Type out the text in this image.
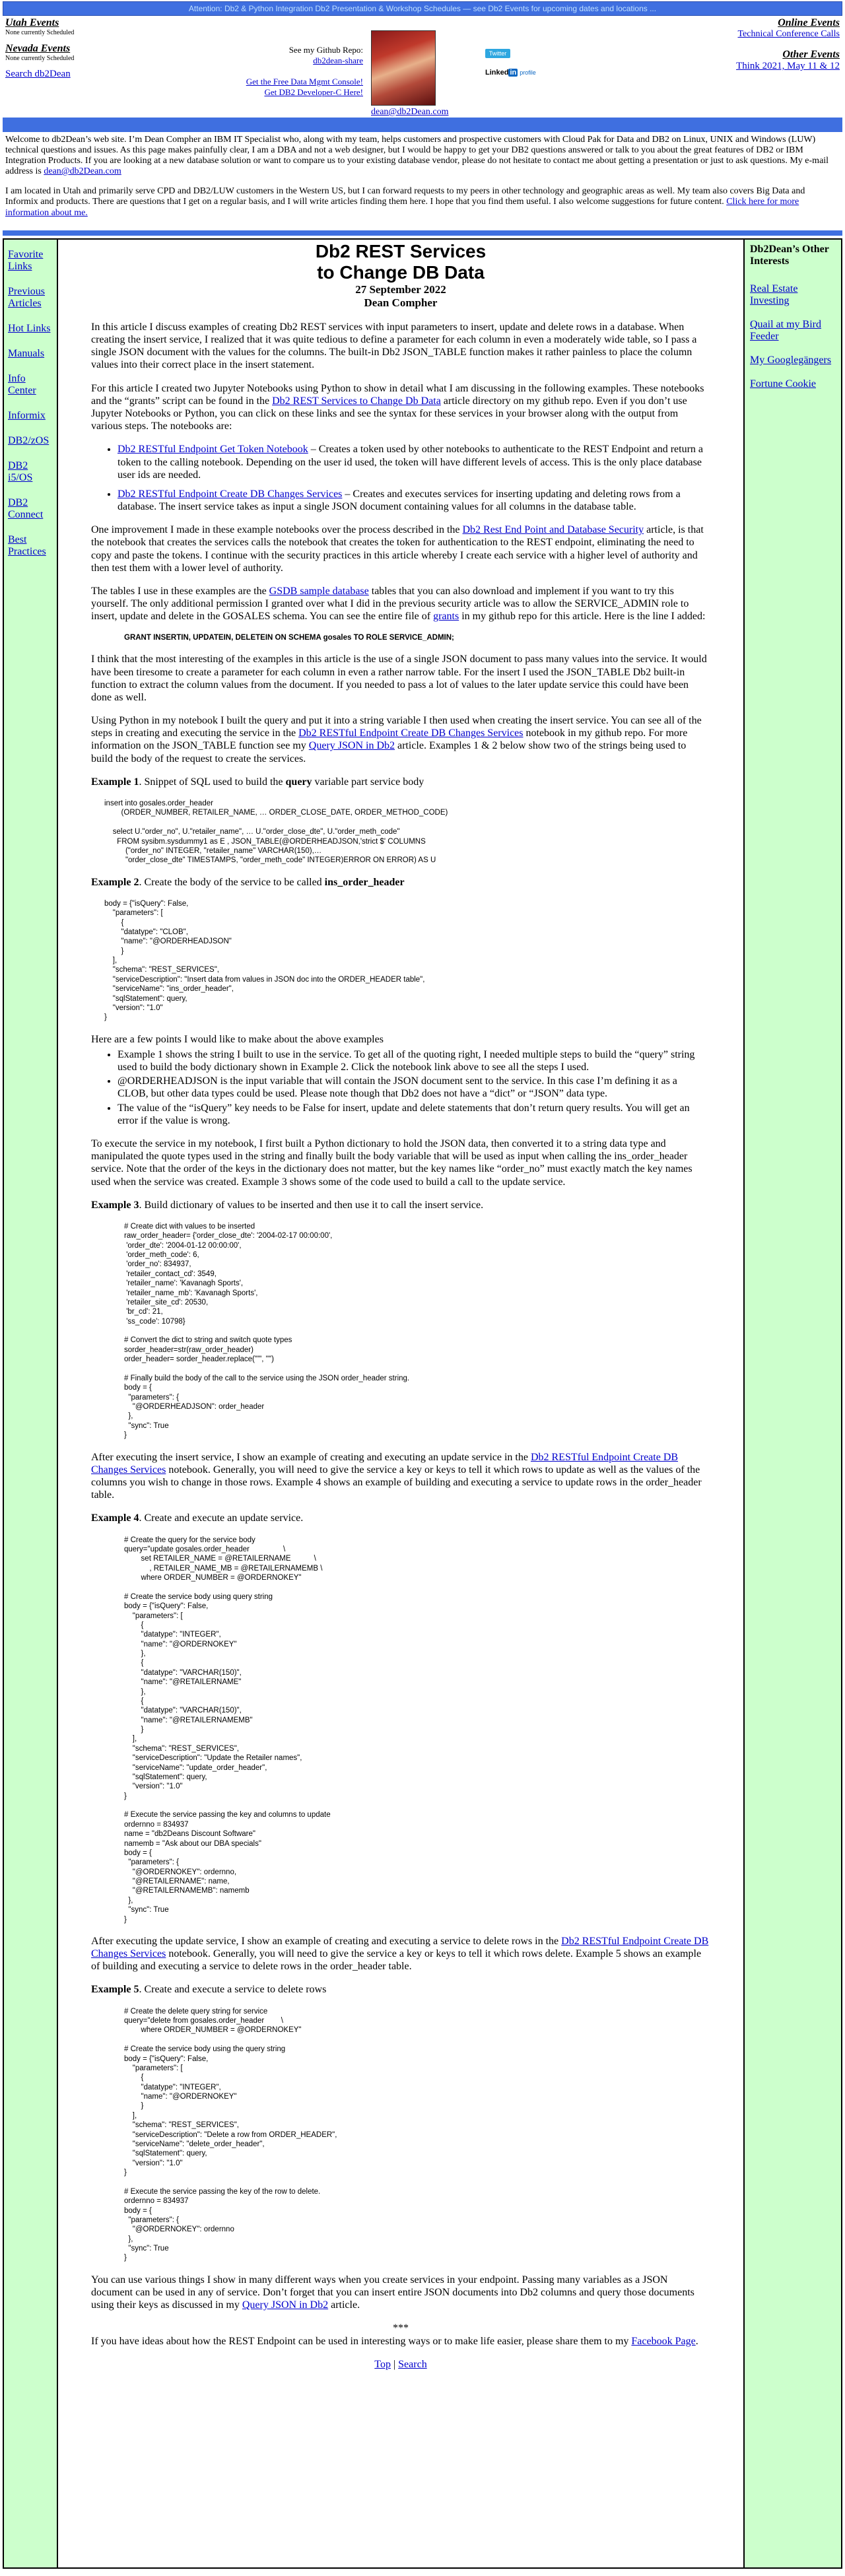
Attention: Db2 & Python Integration Db2 Presentation & Workshop Schedules — see Db2 Events for upcoming dates and locations ...
Utah Events
None currently Scheduled
Nevada Events
None currently Scheduled
Search db2Dean
See my Github Repo:
db2dean-share

Get the Free Data Mgmt Console!
Get DB2 Developer-C Here!
dean@db2Dean.com
Twitter
Linked in profile
Online Events
Technical Conference Calls
Other Events
Think 2021, May 11 & 12

Welcome to db2Dean’s web site. I’m Dean Compher an IBM IT Specialist who, along with my team, helps customers and prospective customers with Cloud Pak for Data and DB2 on Linux, UNIX and Windows (LUW) technical questions and issues. As this page makes painfully clear, I am a DBA and not a web designer, but I would be happy to get your DB2 questions answered or talk to you about the great features of DB2 or IBM Integration Products. If you are looking at a new database solution or want to compare us to your existing database vendor, please do not hesitate to contact me about getting a presentation or just to ask questions. My e-mail address is dean@db2Dean.com

I am located in Utah and primarily serve CPD and DB2/LUW customers in the Western US, but I can forward requests to my peers in other technology and geographic areas as well. My team also covers Big Data and Informix and products. There are questions that I get on a regular basis, and I will write articles finding them here. I hope that you find them useful. I also welcome suggestions for future content. Click here for more information about me.

Favorite Links
Previous Articles
Hot Links
Manuals
Info Center
Informix
DB2/zOS
DB2 i5/OS
DB2 Connect
Best Practices
Db2 REST Services
to Change DB Data
27 September 2022
Dean Compher

In this article I discuss examples of creating Db2 REST services with input parameters to insert, update and delete rows in a database. When creating the insert service, I realized that it was quite tedious to define a parameter for each column in even a moderately wide table, so I pass a single JSON document with the values for the columns. The built-in Db2 JSON_TABLE function makes it rather painless to place the column values into their correct place in the insert statement.

For this article I created two Jupyter Notebooks using Python to show in detail what I am discussing in the following examples. These notebooks and the “grants” script can be found in the Db2 REST Services to Change Db Data article directory on my github repo. Even if you don’t use Jupyter Notebooks or Python, you can click on these links and see the syntax for these services in your browser along with the output from various steps. The notebooks are:

• Db2 RESTful Endpoint Get Token Notebook – Creates a token used by other notebooks to authenticate to the REST Endpoint and return a token to the calling notebook. Depending on the user id used, the token will have different levels of access. This is the only place database user ids are needed.
• Db2 RESTful Endpoint Create DB Changes Services – Creates and executes services for inserting updating and deleting rows from a database. The insert service takes as input a single JSON document containing values for all columns in the database table.

One improvement I made in these example notebooks over the process described in the Db2 Rest End Point and Database Security article, is that the notebook that creates the services calls the notebook that creates the token for authentication to the REST endpoint, eliminating the need to copy and paste the tokens. I continue with the security practices in this article whereby I create each service with a higher level of authority and then test them with a lower level of authority.

The tables I use in these examples are the GSDB sample database tables that you can also download and implement if you want to try this yourself. The only additional permission I granted over what I did in the previous security article was to allow the SERVICE_ADMIN role to insert, update and delete in the GOSALES schema. You can see the entire file of grants in my github repo for this article. Here is the line I added:

GRANT INSERTIN, UPDATEIN, DELETEIN ON SCHEMA gosales TO ROLE SERVICE_ADMIN;

I think that the most interesting of the examples in this article is the use of a single JSON document to pass many values into the service. It would have been tiresome to create a parameter for each column in even a rather narrow table. For the insert I used the JSON_TABLE Db2 built-in function to extract the column values from the document. If you needed to pass a lot of values to the later update service this could have been done as well.

Using Python in my notebook I built the query and put it into a string variable I then used when creating the insert service. You can see all of the steps in creating and executing the service in the Db2 RESTful Endpoint Create DB Changes Services notebook in my github repo. For more information on the JSON_TABLE function see my Query JSON in Db2 article. Examples 1 & 2 below show two of the strings being used to build the body of the request to create the services.

Example 1. Snippet of SQL used to build the query variable part service body

insert into gosales.order_header
(ORDER_NUMBER, RETAILER_NAME, … ORDER_CLOSE_DATE, ORDER_METHOD_CODE)

select U."order_no", U."retailer_name", … U."order_close_dte", U."order_meth_code"
FROM sysibm.sysdummy1 as E , JSON_TABLE(@ORDERHEADJSON,'strict $' COLUMNS
("order_no" INTEGER, "retailer_name" VARCHAR(150),…
"order_close_dte" TIMESTAMPS, "order_meth_code" INTEGER)ERROR ON ERROR) AS U

Example 2. Create the body of the service to be called ins_order_header

body = {"isQuery": False,
"parameters": [
{
"datatype": "CLOB",
"name": "@ORDERHEADJSON"
}
],
"schema": "REST_SERVICES",
"serviceDescription": "Insert data from values in JSON doc into the ORDER_HEADER table",
"serviceName": "ins_order_header",
"sqlStatement": query,
"version": "1.0"
}

Here are a few points I would like to make about the above examples

• Example 1 shows the string I built to use in the service. To get all of the quoting right, I needed multiple steps to build the “query” string used to build the body dictionary shown in Example 2. Click the notebook link above to see all the steps I used.
• @ORDERHEADJSON is the input variable that will contain the JSON document sent to the service. In this case I’m defining it as a CLOB, but other data types could be used. Please note though that Db2 does not have a “dict” or “JSON” data type.
• The value of the “isQuery” key needs to be False for insert, update and delete statements that don’t return query results. You will get an error if the value is wrong.

To execute the service in my notebook, I first built a Python dictionary to hold the JSON data, then converted it to a string data type and manipulated the quote types used in the string and finally built the body variable that will be used as input when calling the ins_order_header service. Note that the order of the keys in the dictionary does not matter, but the key names like “order_no” must exactly match the key names used when the service was created. Example 3 shows some of the code used to build a call to the update service.

Example 3. Build dictionary of values to be inserted and then use it to call the insert service.

# Create dict with values to be inserted
raw_order_header= {'order_close_dte': '2004-02-17 00:00:00',
'order_dte': '2004-01-12 00:00:00',
'order_meth_code': 6,
'order_no': 834937,
'retailer_contact_cd': 3549,
'retailer_name': 'Kavanagh Sports',
'retailer_name_mb': 'Kavanagh Sports',
'retailer_site_cd': 20530,
'br_cd': 21,
'ss_code': 10798}

# Convert the dict to string and switch quote types
sorder_header=str(raw_order_header)
order_header= sorder_header.replace("'", '"')

# Finally build the body of the call to the service using the JSON order_header string.
body = {
"parameters": {
"@ORDERHEADJSON": order_header
},
"sync": True
}

After executing the insert service, I show an example of creating and executing an update service in the Db2 RESTful Endpoint Create DB Changes Services notebook. Generally, you will need to give the service a key or keys to tell it which rows to update as well as the values of the columns you wish to change in those rows. Example 4 shows an example of building and executing a service to update rows in the order_header table.

Example 4. Create and execute an update service.

# Create the query for the service body
query="update gosales.order_header                \
set RETAILER_NAME = @RETAILERNAME           \
, RETAILER_NAME_MB = @RETAILERNAMEMB \
where ORDER_NUMBER = @ORDERNOKEY"

# Create the service body using query string
body = {"isQuery": False,
"parameters": [
{
"datatype": "INTEGER",
"name": "@ORDERNOKEY"
},
{
"datatype": "VARCHAR(150)",
"name": "@RETAILERNAME"
},
{
"datatype": "VARCHAR(150)",
"name": "@RETAILERNAMEMB"
}
],
"schema": "REST_SERVICES",
"serviceDescription": "Update the Retailer names",
"serviceName": "update_order_header",
"sqlStatement": query,
"version": "1.0"
}

# Execute the service passing the key and columns to update
ordernno = 834937
name = "db2Deans Discount Software"
namemb = "Ask about our DBA specials"
body = {
"parameters": {
"@ORDERNOKEY": ordernno,
"@RETAILERNAME": name,
"@RETAILERNAMEMB": namemb
},
"sync": True
}

After executing the update service, I show an example of creating and executing a service to delete rows in the Db2 RESTful Endpoint Create DB Changes Services notebook. Generally, you will need to give the service a key or keys to tell it which rows delete. Example 5 shows an example of building and executing a service to delete rows in the order_header table.

Example 5. Create and execute a service to delete rows

# Create the delete query string for service
query="delete from gosales.order_header        \
where ORDER_NUMBER = @ORDERNOKEY"

# Create the service body using the query string
body = {"isQuery": False,
"parameters": [
{
"datatype": "INTEGER",
"name": "@ORDERNOKEY"
}
],
"schema": "REST_SERVICES",
"serviceDescription": "Delete a row from ORDER_HEADER",
"serviceName": "delete_order_header",
"sqlStatement": query,
"version": "1.0"
}

# Execute the service passing the key of the row to delete.
ordernno = 834937
body = {
"parameters": {
"@ORDERNOKEY": ordernno
},
"sync": True
}

You can use various things I show in many different ways when you create services in your endpoint. Passing many variables as a JSON document can be used in any of service. Don’t forget that you can insert entire JSON documents into Db2 columns and query those documents using their keys as discussed in my Query JSON in Db2 article.

***

If you have ideas about how the REST Endpoint can be used in interesting ways or to make life easier, please share them to my Facebook Page.

Top | Search
Db2Dean’s Other Interests
Real Estate Investing
Quail at my Bird Feeder
My Googlegängers
Fortune Cookie
